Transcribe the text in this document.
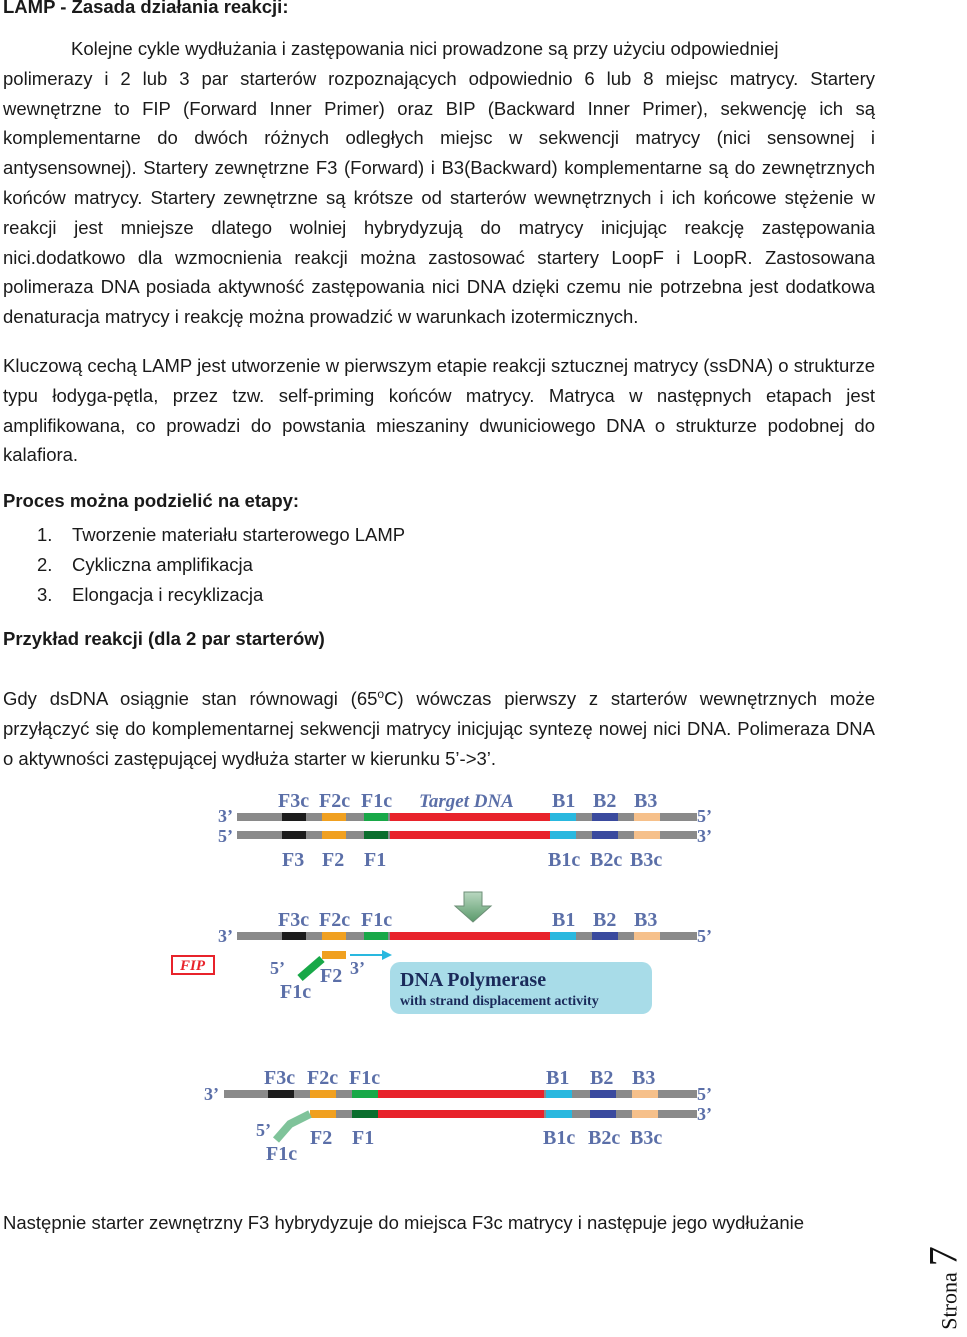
LAMP - Zasada działania reakcji:

Kolejne cykle wydłużania i zastępowania nici prowadzone są przy użyciu odpowiedniej

polimerazy i 2 lub 3 par starterów rozpoznających odpowiednio 6 lub 8 miejsc matrycy. Startery wewnętrzne to FIP (Forward Inner Primer) oraz BIP (Backward Inner Primer), sekwencję ich są komplementarne do dwóch różnych odległych miejsc w sekwencji matrycy (nici sensownej i antysensownej). Startery zewnętrzne F3 (Forward) i B3(Backward) komplementarne są do zewnętrznych końców matrycy. Startery zewnętrzne są krótsze od starterów wewnętrznych i ich końcowe stężenie w reakcji jest mniejsze dlatego wolniej hybrydyzują do matrycy inicjując reakcję zastępowania nici.dodatkowo dla wzmocnienia reakcji można zastosować startery LoopF i LoopR. Zastosowana polimeraza DNA posiada aktywność zastępowania nici DNA dzięki czemu nie potrzebna jest dodatkowa denaturacja matrycy i reakcję można prowadzić w warunkach izotermicznych.

Kluczową cechą LAMP jest utworzenie w pierwszym etapie reakcji sztucznej matrycy (ssDNA) o strukturze typu łodyga-pętla, przez tzw. self-priming końców matrycy. Matryca w następnych etapach jest amplifikowana, co prowadzi do powstania mieszaniny dwuniciowego DNA o strukturze podobnej do kalafiora.
Proces można podzielić na etapy:
1. Tworzenie materiału starterowego LAMP
2. Cykliczna amplifikacja
3. Elongacja i recyklizacja
Przykład reakcji (dla 2 par starterów)
Gdy dsDNA osiągnie stan równowagi (65$^o$C) wówczas pierwszy z starterów wewnętrznych może przyłączyć się do komplementarnej sekwencji matrycy inicjując syntezę nowej nici DNA. Polimeraza DNA o aktywności zastępującej wydłuża starter w kierunku 5’->3’.
F3c F2c F1c Target DNA B1 B2 B3
3’
5’
5’
3’
F3 F2 F1	B1c B2c B3c
F3c F2c F1c	B1 B2 B3
3’	5’
FIP	5’ F2 3’
F1c
DNA Polymerase
with strand displacement activity
F3c F2c F1c	B1 B2 B3
3’	5’
3’
5’ F2 F1	B1c B2c B3c
F1c
Następnie starter zewnętrzny F3 hybrydyzuje do miejsca F3c matrycy i następuje jego wydłużanie
Strona7
